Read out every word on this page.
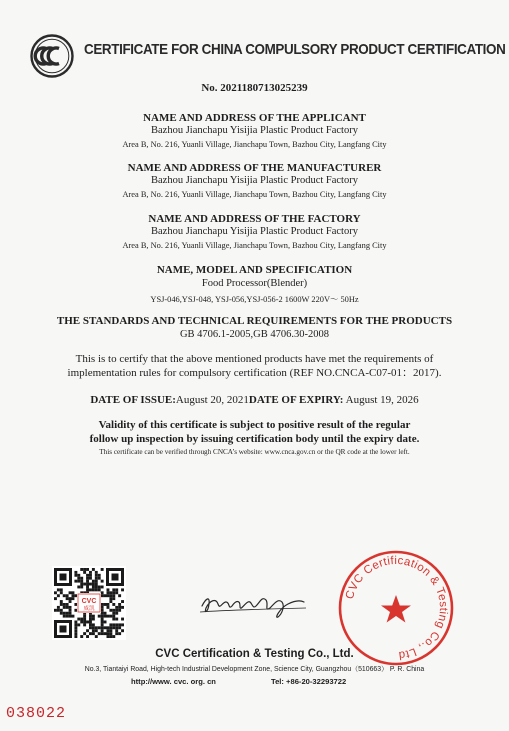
CERTIFICATE FOR CHINA COMPULSORY PRODUCT CERTIFICATION
No. 2021180713025239
NAME AND ADDRESS OF THE APPLICANT
Bazhou Jianchapu Yisijia Plastic Product Factory
Area B, No. 216, Yuanli Village, Jianchapu Town, Bazhou City, Langfang City
NAME AND ADDRESS OF THE MANUFACTURER
Bazhou Jianchapu Yisijia Plastic Product Factory
Area B, No. 216, Yuanli Village, Jianchapu Town, Bazhou City, Langfang City
NAME AND ADDRESS OF THE FACTORY
Bazhou Jianchapu Yisijia Plastic Product Factory
Area B, No. 216, Yuanli Village, Jianchapu Town, Bazhou City, Langfang City
NAME, MODEL AND SPECIFICATION
Food Processor(Blender)
YSJ-046,YSJ-048, YSJ-056,YSJ-056-2 1600W 220V～ 50Hz
THE STANDARDS AND TECHNICAL REQUIREMENTS FOR THE PRODUCTS
GB 4706.1-2005,GB 4706.30-2008
This is to certify that the above mentioned products have met the requirements of
implementation rules for compulsory certification (REF NO.CNCA-C07-01：2017).
DATE OF ISSUE:August 20, 2021DATE OF EXPIRY: August 19, 2026
Validity of this certificate is subject to positive result of the regular
follow up inspection by issuing certification body until the expiry date.
This certificate can be verified through CNCA’s website: www.cnca.gov.cn or the QR code at the lower left.
CVC
威凯
CVC Certification & Testing Co., Ltd
CVC Certification & Testing Co., Ltd.
No.3, Tiantaiyi Road, High-tech Industrial Development Zone, Science City, Guangzhou（510663） P. R. China
http://www. cvc. org. cn	Tel: +86-20-32293722
038022
